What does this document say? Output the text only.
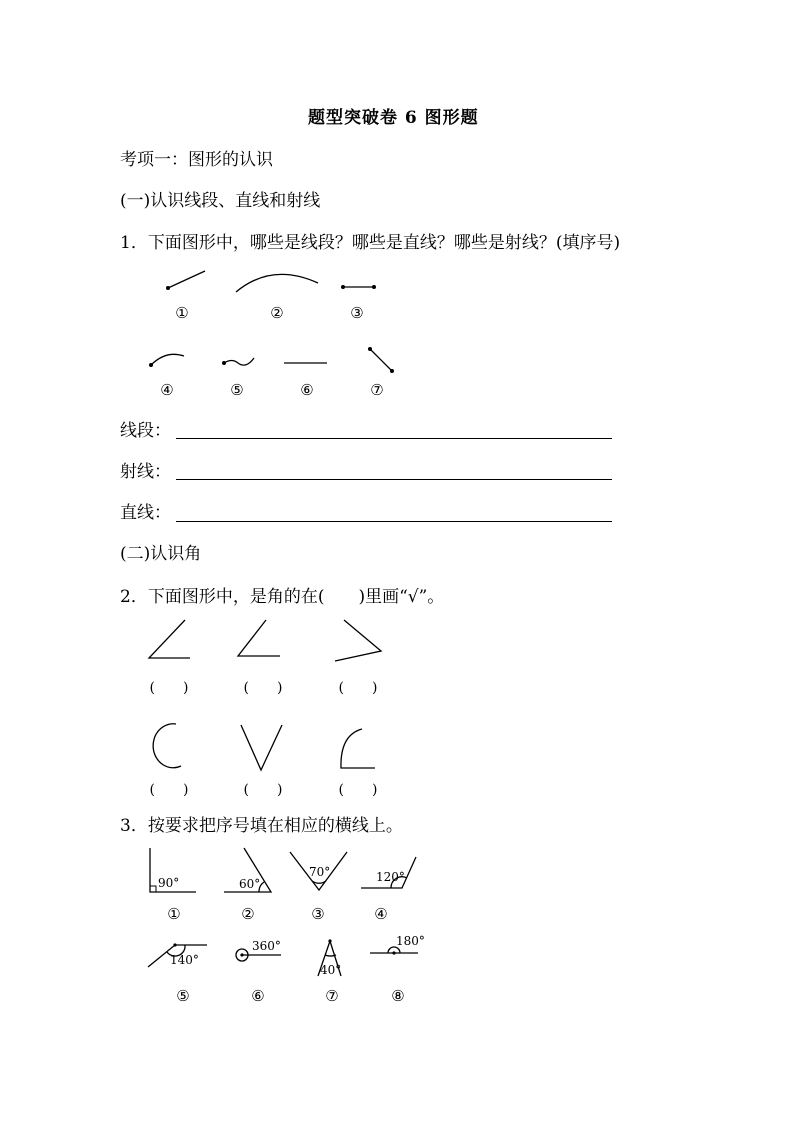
题型突破卷 6 图形题
考项一：图形的认识
(一)认识线段、直线和射线
1．下面图形中，哪些是线段？哪些是直线？哪些是射线？(填序号)
①	②	③
④	⑤	⑥	⑦
线段：
射线：
直线：
(二)认识角
2．下面图形中，是角的在(　　)里画“√”。
(　　)	(　　)	(　　)
(　　)	(　　)	(　　)
3．按要求把序号填在相应的横线上。
90°	60°
70°	120°
140°
360°
40°
180°
①	②	③	④
⑤	⑥	⑦	⑧
